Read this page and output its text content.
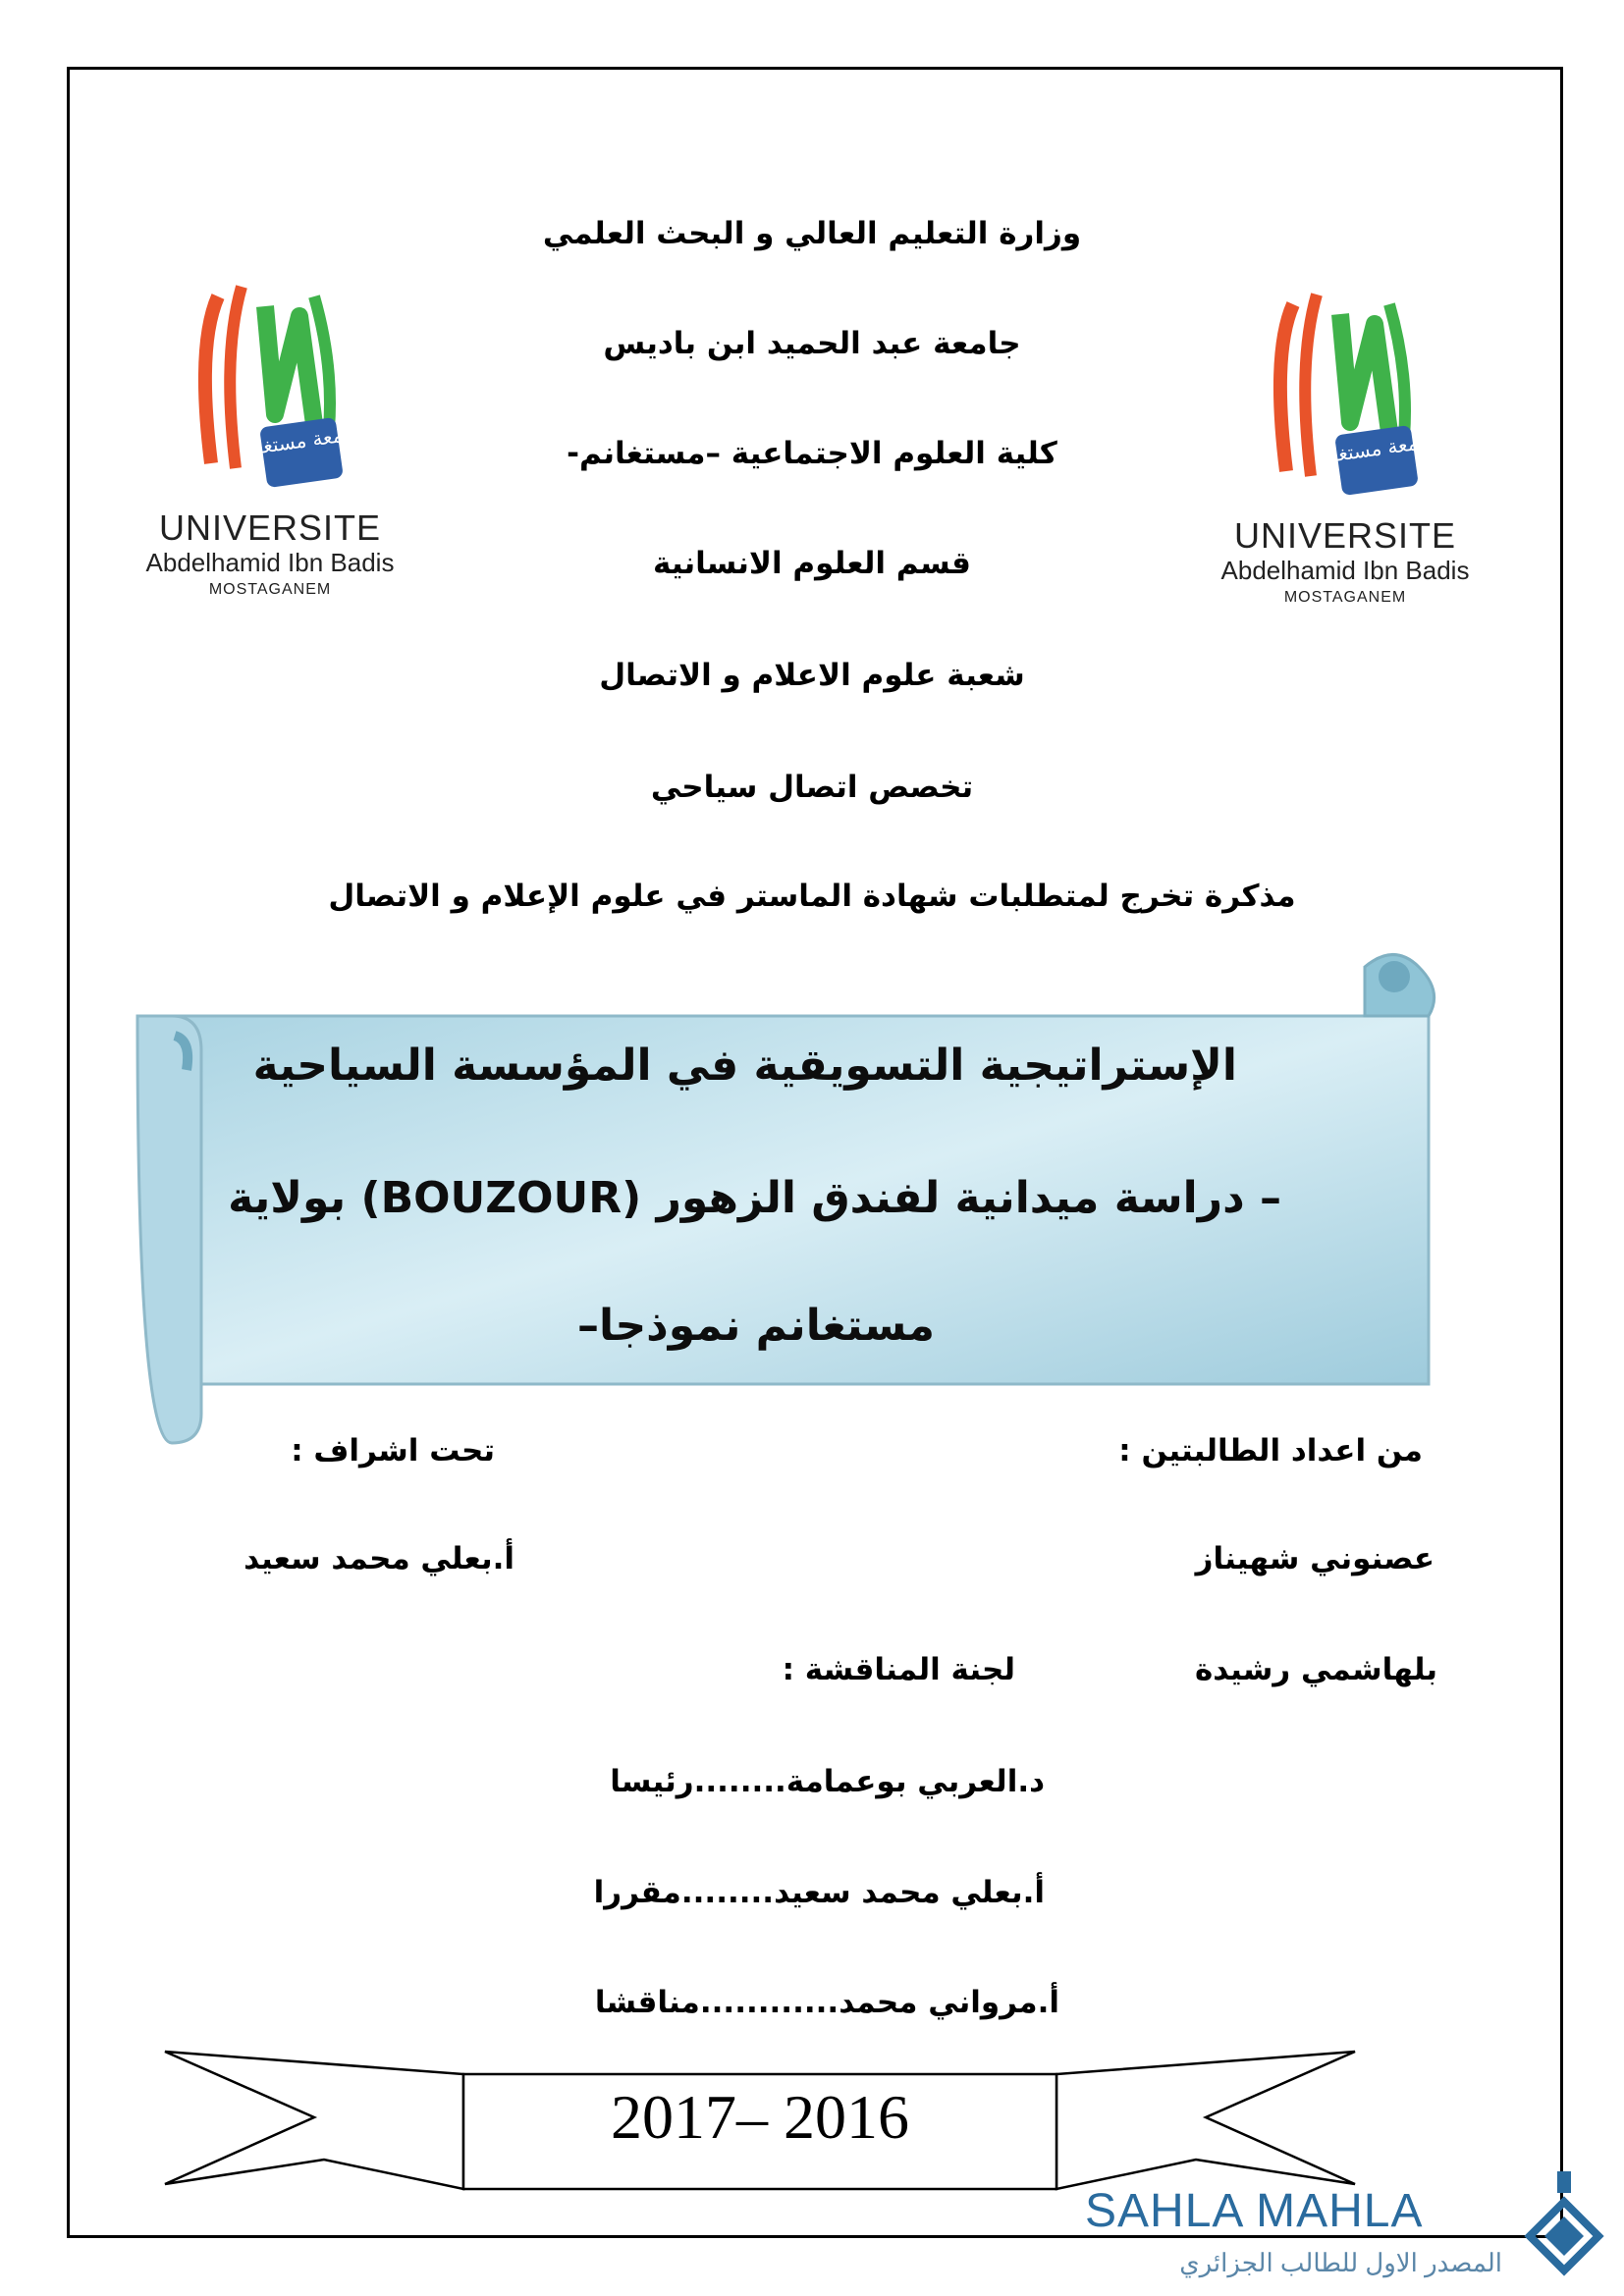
جامعة مستغانم
UNIVERSITE
Abdelhamid Ibn Badis
MOSTAGANEM
جامعة مستغانم
UNIVERSITE
Abdelhamid Ibn Badis
MOSTAGANEM
وزارة التعليم العالي و البحث العلمي
جامعة عبد الحميد ابن باديس
كلية العلوم الاجتماعية –مستغانم-
قسم العلوم الانسانية
شعبة علوم الاعلام و الاتصال
تخصص اتصال سياحي
مذكرة تخرج لمتطلبات شهادة الماستر في علوم الإعلام و الاتصال
الإستراتيجية التسويقية في المؤسسة السياحية
– دراسة ميدانية لفندق الزهور (BOUZOUR) بولاية
مستغانم نموذجا–
من اعداد الطالبتين :
تحت اشراف :
عصنوني شهيناز
أ.بعلي محمد سعيد
بلهاشمي رشيدة
لجنة المناقشة :
د.العربي بوعمامة........رئيسا
أ.بعلي محمد سعيد........مقررا
أ.مرواني محمد............مناقشا
2017– 2016
SAHLA MAHLA
المصدر الاول للطالب الجزائري
